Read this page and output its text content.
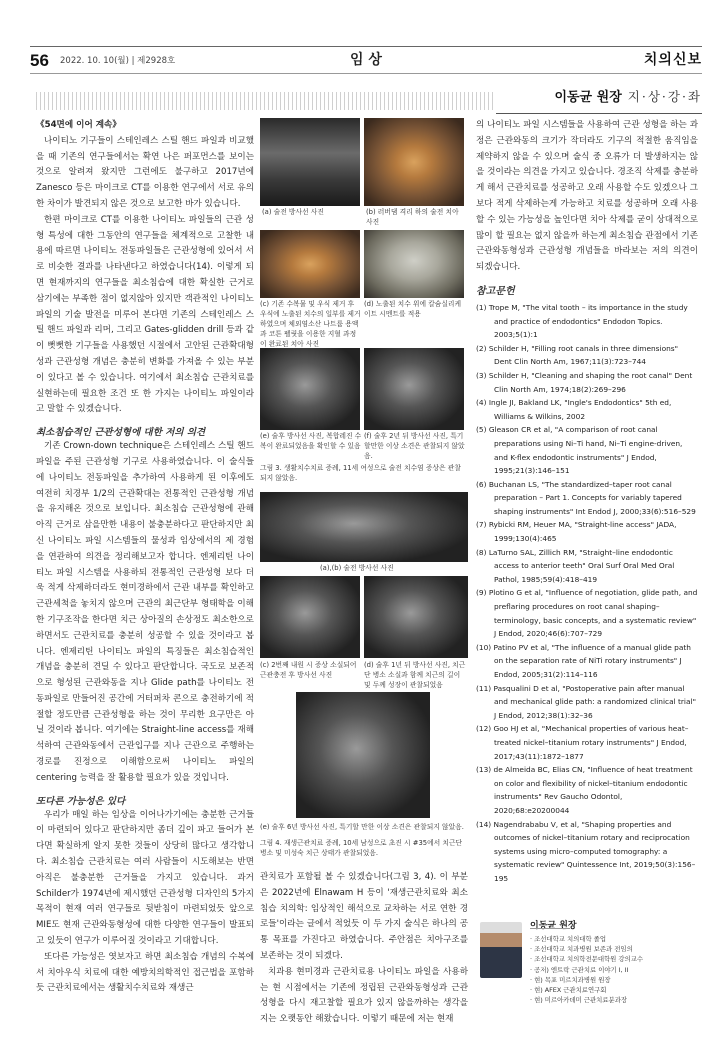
56 2022. 10. 10(월) | 제2928호	임 상	치의신보
이동균 원장 지·상·강·좌

《54면에 이어 계속》

나이티노 기구들이 스테인레스 스틸 핸드 파일과 비교했을 때 기존의 연구들에서는 확연 나은 퍼포먼스를 보이는 것으로 알려져 왔지만 그런에도 불구하고 2017년에 Zanesco 등은 마이크로 CT를 이용한 연구에서 서로 유의한 차이가 발견되지 않은 것으로 보고한 바가 있습니다.

한편 마이크로 CT를 이용한 나이티노 파일들의 근관 성형 특성에 대한 그동안의 연구들을 체계적으로 고찰한 내용에 따르면 나이티노 전동파일들은 근관성형에 있어서 서로 비슷한 결과를 나타낸다고 하였습니다(14). 이렇게 되면 현재까지의 연구들을 최소침습에 대한 확실한 근거로 삼기에는 부족한 점이 없지않아 있지만 객관적인 나이티노 파일의 기술 발전을 미루어 본다면 기존의 스테인레스 스틸 핸드 파일과 리머, 그리고 Gates-glidden drill 등과 같이 뻣뻣한 기구들을 사용했던 시절에서 고안된 근관확대형성과 근관성형 개념은 충분히 변화를 가져올 수 있는 부분이 있다고 볼 수 있습니다. 여기에서 최소침습 근관치료를 실현하는데 필요한 조건 또 한 가지는 나이티노 파일이라고 말할 수 있겠습니다.

최소침습적인 근관성형에 대한 저의 의견

기존 Crown-down technique은 스테인레스 스틸 핸드파일을 주된 근관성형 기구로 사용하였습니다. 이 술식들에 나이티노 전동파일을 추가하여 사용하게 된 이후에도 여전히 치경부 1/2의 근관확대는 전통적인 근관성형 개념을 유지해온 것으로 보입니다. 최소침습 근관성형에 관해 아직 근거로 삼을만한 내용이 불충분하다고 판단하지만 최신 나이티노 파일 시스템들의 물성과 임상에서의 제 경험을 연관하여 의견을 정리해보고자 합니다. 엔제리틴 나이티노 파일 시스템을 사용하되 전통적인 근관성형 보다 더욱 적게 삭제하더라도 현미경하에서 근관 내부를 확인하고 근관세척을 놓치지 않으며 근관의 최근단부 형태학을 이해한 기구조작을 한다면 치근 상아질의 손상정도 최소한으로 하면서도 근관치료를 충분히 성공할 수 있을 것이라고 봅니다. 엔제리틴 나이티노 파일의 특징들은 최소침습적인 개념을 충분히 견딜 수 있다고 판단합니다. 국도로 보존적으로 형성된 근관와동을 지나 Glide path를 나이티노 전동파일로 만들어진 공간에 거터퍼차 콘으로 충전하기에 적절할 정도만큼 근관성형을 하는 것이 무리한 요구만은 아닐 것이라 봅니다. 여기에는 Straight-line access를 재해석하여 근관와동에서 근관입구를 지나 근관으로 주행하는 경로를 진정으로 이해함으로써 나이티노 파일의 centering 능력을 잘 활용할 필요가 있을 것입니다.

또다른 가능성은 있다

우리가 매일 하는 임상을 이어나가기에는 충분한 근거들이 마련되어 있다고 판단하지만 좀더 깊이 파고 들어가 본다면 확실하게 알지 못한 것들이 상당히 많다고 생각합니다. 최소침습 근관치료는 여러 사람들이 시도해보는 반면 아직은 불충분한 근거들을 가지고 있습니다. 과거 Schilder가 1974년에 제시했던 근관성형 디자인의 5가지 목적이 현재 여러 연구들로 뒷받침이 마련되었듯 앞으로 MIE도 현재 근관와동형성에 대한 다양한 연구들이 발표되고 있듯이 연구가 이루어질 것이라고 기대합니다.

또다른 가능성은 엿보자고 하면 최소침습 개념의 수복에서 치아우식 치료에 대한 예방치의학적인 접근법을 포함하듯 근관치료에서는 생활치수치료와 재생근

(a) 술전 방사선 사진	(b) 러버댐 격리 하의 술전 치아 사진
(c) 기존 수복물 및 우식 제거 후 우식에 노출된 치수의 일부를 제거하였으며 체외염소산 나트륨 용액과 코튼 펠릿을 이용한 지혈 과정이 완료된 치아 사진
(d) 노출된 치수 위에 칼슘실리케이트 시멘트를 적용
(e) 술후 방사선 사진, 복합레진 수복이 완료되었음을 확인할 수 있음
(f) 술후 2년 뒤 방사선 사진, 특기할만한 이상 소견은 관찰되지 않았음.
그림 3. 생활치수치료 증례, 11세 여성으로 술전 치수염 증상은 관찰되지 않았음.
(a),(b) 술전 방사선 사진
(c) 2번째 내원 시 증상 소실되어 근관충전 후 방사선 사진
(d) 술후 1년 뒤 방사선 사진, 치근단 병소 소실과 함께 치근의 길이 및 두께 성장이 관찰되었음
(e) 술후 6년 방사선 사진, 특기할 만한 이상 소견은 관찰되지 않았음.
그림 4. 재생근관치료 증례, 10세 남성으로 초진 시 #35에서 치근단 병소 및 미성숙 치근 상태가 관찰되었음.

관치료가 포함될 볼 수 있겠습니다(그림 3, 4). 이 부분은 2022년에 Elnawam H 등이 '재생근관치료와 최소침습 치의학: 임상적인 해석으로 교차하는 서로 연한 경로들'이라는 글에서 적었듯 이 두 가지 술식은 하나의 공통 목표를 가진다고 하였습니다. 주안점은 치아구조를 보존하는 것이 되겠다.

치과용 현미경과 근관치료용 나이티노 파일을 사용하는 현 시점에서는 기존에 정립된 근관와동형성과 근관 성형을 다시 재고찰할 필요가 있지 않을까하는 생각을 지는 오랫동안 해왔습니다. 이렇기 때문에 저는 현재

의 나이티노 파일 시스템들을 사용하여 근관 성형을 하는 과정은 근관와동의 크기가 작더라도 기구의 적절한 움직임을 제약하지 않을 수 있으며 술식 중 오류가 더 발생하지는 않을 것이라는 의견을 가지고 있습니다. 경조직 삭제를 충분하게 해서 근관치료를 성공하고 오래 사용할 수도 있겠으나 그보다 적게 삭제하는게 가능하고 치료를 성공하며 오래 사용할 수 있는 가능성을 높인다면 치아 삭제를 굳이 상대적으로 많이 할 필요는 없지 않을까 하는게 최소침습 관점에서 기존 근관와동형성과 근관성형 개념들을 바라보는 저의 의견이 되겠습니다.

참고문헌
(1) Trope M, "The vital tooth – its importance in the study and practice of endodontics" Endodon Topics. 2003;5(1):1
(2) Schilder H, "Filling root canals in three dimensions" Dent Clin North Am, 1967;11(3):723–744
(3) Schilder H, "Cleaning and shaping the root canal" Dent Clin North Am, 1974;18(2):269–296
(4) Ingle JI, Bakland LK, "Ingle's Endodontics" 5th ed, Williams & Wilkins, 2002
(5) Gleason CR et al, "A comparison of root canal preparations using Ni–Ti hand, Ni–Ti engine-driven, and K-flex endodontic instruments" J Endod, 1995;21(3):146–151
(6) Buchanan LS, "The standardized–taper root canal preparation – Part 1. Concepts for variably tapered shaping instruments" Int Endod J, 2000;33(6):516–529
(7) Rybicki RM, Heuer MA, "Straight-line access" JADA, 1999;130(4):465
(8) LaTurno SAL, Zillich RM, "Straight–line endodontic access to anterior teeth" Oral Surf Oral Med Oral Pathol, 1985;59(4):418–419
(9) Plotino G et al, "Influence of negotiation, glide path, and preflaring procedures on root canal shaping–terminology, basic concepts, and a systematic review" J Endod, 2020;46(6):707–729
(10) Patino PV et al, "The influence of a manual glide path on the separation rate of NiTi rotary instruments" J Endod, 2005;31(2):114–116
(11) Pasqualini D et al, "Postoperative pain after manual and mechanical glide path: a randomized clinical trial" J Endod, 2012;38(1):32–36
(12) Goo HJ et al, "Mechanical properties of various heat–treated nickel–titanium rotary instruments" J Endod, 2017;43(11):1872–1877
(13) de Almeida BC, Elias CN, "Influence of heat treatment on color and flexibility of nickel–titanium endodontic instruments" Rev Gaucho Odontol, 2020;68:e20200044
(14) Nagendrababu V, et al, "Shaping properties and outcomes of nickel–titanium rotary and reciprocation systems using micro–computed tomography: a systematic review" Quintessence Int, 2019;50(3):156–195
이동균 원장
· 조선대학교 치의대학 졸업
· 조선대학교 치과병원 보존과 전임의
· 조선대학교 치의학전문대학원 강의교수
· 공저) 엔트락 근관치료 이야기 I, II
· 현) 목포 미르치과병원 원장
· 현) AFEX 근관치료연구회
· 현) 미르아카데미 근관치료분과장
